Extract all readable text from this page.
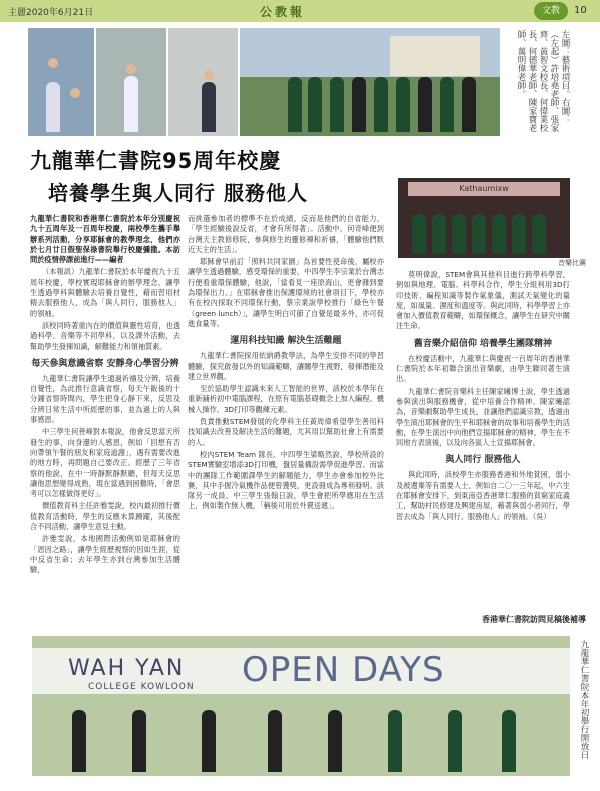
主麗2020年6月21日	公教報	文教	10
Kathaumixw
音樂比賽
左圖：藝術項目。右圖：（左起）許培堯老師、張家齊、黃智文校長、何偉業校長、何德華老師、陳家寶老師、萬明偉老師。
九龍華仁書院95周年校慶
培養學生與人同行 服務他人

九龍華仁書院和香港華仁書院於本年分別慶祝九十五周年及一百周年校慶，兩校學生攜手舉辦系列活動，分享耶穌會的教學理念，他們亦於七月廿日假聖保祿書院舉行校慶彌撒。本訪問於疫情停課前進行——編者

（本報訊）九龍華仁書院於本年慶祝九十五周年校慶，學校實現耶穌會的辦學理念，讓學生透過學科與體驗去培養自覺性，藉而習用材精去服務他人，成為「與人同行，服務他人」的領袖。

該校同時著重內在的價值與靈性培育，也透過科學、音樂等不同學科，以及課外活動，去幫助學生發揮知識，解難能力和領袖質素。

每天參與意識省察 安靜身心學習分辨

九龍華仁書院讓學生通過祈禱及分辨，培養自覺性，為此推行意識省察，每天午飯後的十分鐘省察時間內，學生把身心靜下來，反思及分辨日常生活中所經歷的事，並為過上的人與事感恩。

中三學生何善峰對本報說，他會反思當天所發生的事，向身邊的人感恩，例如「回想有否向帶領午餐的朋友和家庭道謝」，遇有需要改進的地方時，再問題自己要改正。經歷了三年省察的他說，在中一時靜默靜默聽，但每天反思讓他思想變得成熟，現在當遇到困難時，「會思考可以怎樣做得更好」。

價值教育科主任許雅雯說，校內最初推行價值教育活動時，學生的反應未算踴躍，其後配合不同活動，讓學生意見主動。

許雅雯說，本地國際活動例如是耶穌會的「恩因之路」，讓學生經歷視察的因如生涯，從中反省生命；去年學生亦到台灣參加生活體驗，

而挑選參加者的標準不在於成績，反而是他們的自省能力，「學生經驗後說反省，才會有所得著」。活動中，何奇峰便到台灣天主教修修院，參與修生的靈修禪和祈禱，「體驗他們默近天主的生活」。

耶穌會早前訂「照料共同家園」為首要性使命後，屬校亦讓學生透過體驗，感受環保的重要，中四學生李宗業於台灣志行便看重環保體驗，他說，「當看見一座原海山，更會雜到要為環保出力。」在耶穌會推出保護環境的社會項目下，學校亦有在校內採取不同環保行動，蔡宗業說學校推行「綠色午餐（green lunch）」，讓學生明白可節了自覺是最多外，亦可促進食量等。

運用科技知識 解決生活難題

九龍華仁書院採用依納爵教學法，為學生安排不同的學習體驗，探究啟發以外的知識範疇，讓關學生視野，發揮潛能及建立世界觀。

至於協助學生認識未來人工智能的世界，該校於本學年在重新鋪析初中電腦課程，在原有電腦基礎概念上加入編程、機械人操作、3D打印等觀練元素。

負責推動STEM發展的化學科主任黃周偉希望學生善用科技知識去改善及解決生活的難題，尤其用以幫助社會上有需要的人。

校內STEM Team 隊長、中四學生梁略然說，學校所設的STEM實驗室增添3D打印機，盤居量構設需學促進學習。而當中的團隊工作範圍譯學生的解題能力，學生亦會參加校外比賽，其中手握冷氣機作品便曾獲獎，更設冊成為專利發明。該隊另一成員、中三學生張翰日說，學生會把所學應用在生活上，例如製作無人機，「稱後可用於外賣送遞」。

莫明偉說，STEM會與其他科目進行跨學科學習，例如與地理、電腦、科學科合作，學生分組利用3D打印技術、編程知識等製作氣象儀，測試天氣變化的量度，如風量、濕度和溫度等。與此同時，科學學習上亦會加入價值教育範疇，如環保概念，讓學生在研究中關注生命。

舊音樂介紹信仰 培養學生團隊精神

在校慶活動中，九龍華仁與慶祝一百周年的香港華仁書院於本年初聯合演出音樂劇，由學生聯同著生演出。

九龍華仁書院音樂科主任陳家曦博士說，學生透過參與演出與服務機會，從中培養合作精神。陳家曦認為，音樂劇幫助學生成長，並讓他們認識宗教，透過由學生演出耶穌會的生平和耶穌會的故事和培養學生的活動，在學生演出中向他們宣揚耶穌會的精神，學生在不同地方表演後，以及向各區人士宣揚耶穌會。

與人同行 服務他人

與此同時，該校學生亦服務香港和外地貧困，弱小及被遺棄等有需要人士，例如自二〇一三年起，中六生在耶穌會安排下，到東南亞香港華仁服務的貧窮家庭義工，幫助村民修建及興建房屋，藉著與弱小者同行，學習去成為「與人同行、服務他人」的領袖。（吳）

香港華仁書院訪問見稿後補導
WAH YAN
COLLEGE KOWLOON OPEN DAYS	九龍華仁書院本年初舉行開放日
